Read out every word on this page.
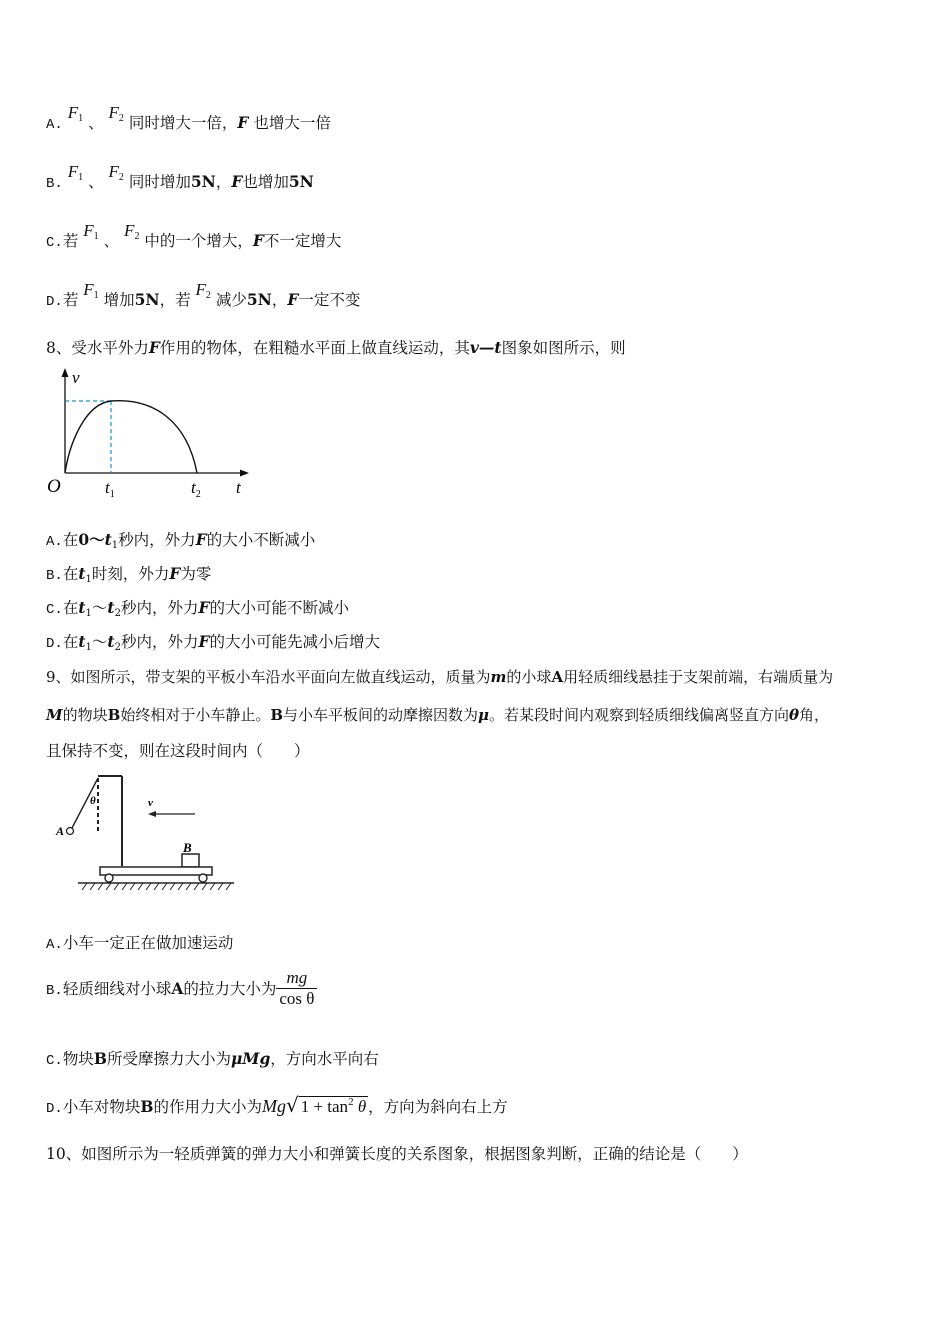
A. F1 、 F2 同时增大一倍，F 也增大一倍
B. F1 、 F2 同时增加5N，F也增加5N
C.若 F1 、 F2 中的一个增大，F不一定增大
D.若 F1 增加5N，若 F2 减少5N，F一定不变
8、受水平外力F作用的物体，在粗糙水平面上做直线运动，其v—t图象如图所示，则
v
O	$t_1$	$t_2$ t
A.在0～t1秒内，外力F的大小不断减小
B.在t1时刻，外力F为零
C.在t1～t2秒内，外力F的大小可能不断减小
D.在t1～t2秒内，外力F的大小可能先减小后增大
9、如图所示，带支架的平板小车沿水平面向左做直线运动，质量为m的小球A用轻质细线悬挂于支架前端，右端质量为
M的物块B始终相对于小车静止。B与小车平板间的动摩擦因数为μ。若某段时间内观察到轻质细线偏离竖直方向θ角，
且保持不变，则在这段时间内（　　）
A
θ	v
B
A.小车一定正在做加速运动
B.轻质细线对小球A的拉力大小为 $\frac{mg}{\text{cos θ}}$
C.物块B所受摩擦力大小为μMg，方向水平向右
D.小车对物块B的作用力大小为Mg√ $1 + \tan^2 \theta$ ，方向为斜向右上方
10、如图所示为一轻质弹簧的弹力大小和弹簧长度的关系图象，根据图象判断，正确的结论是（　　）
